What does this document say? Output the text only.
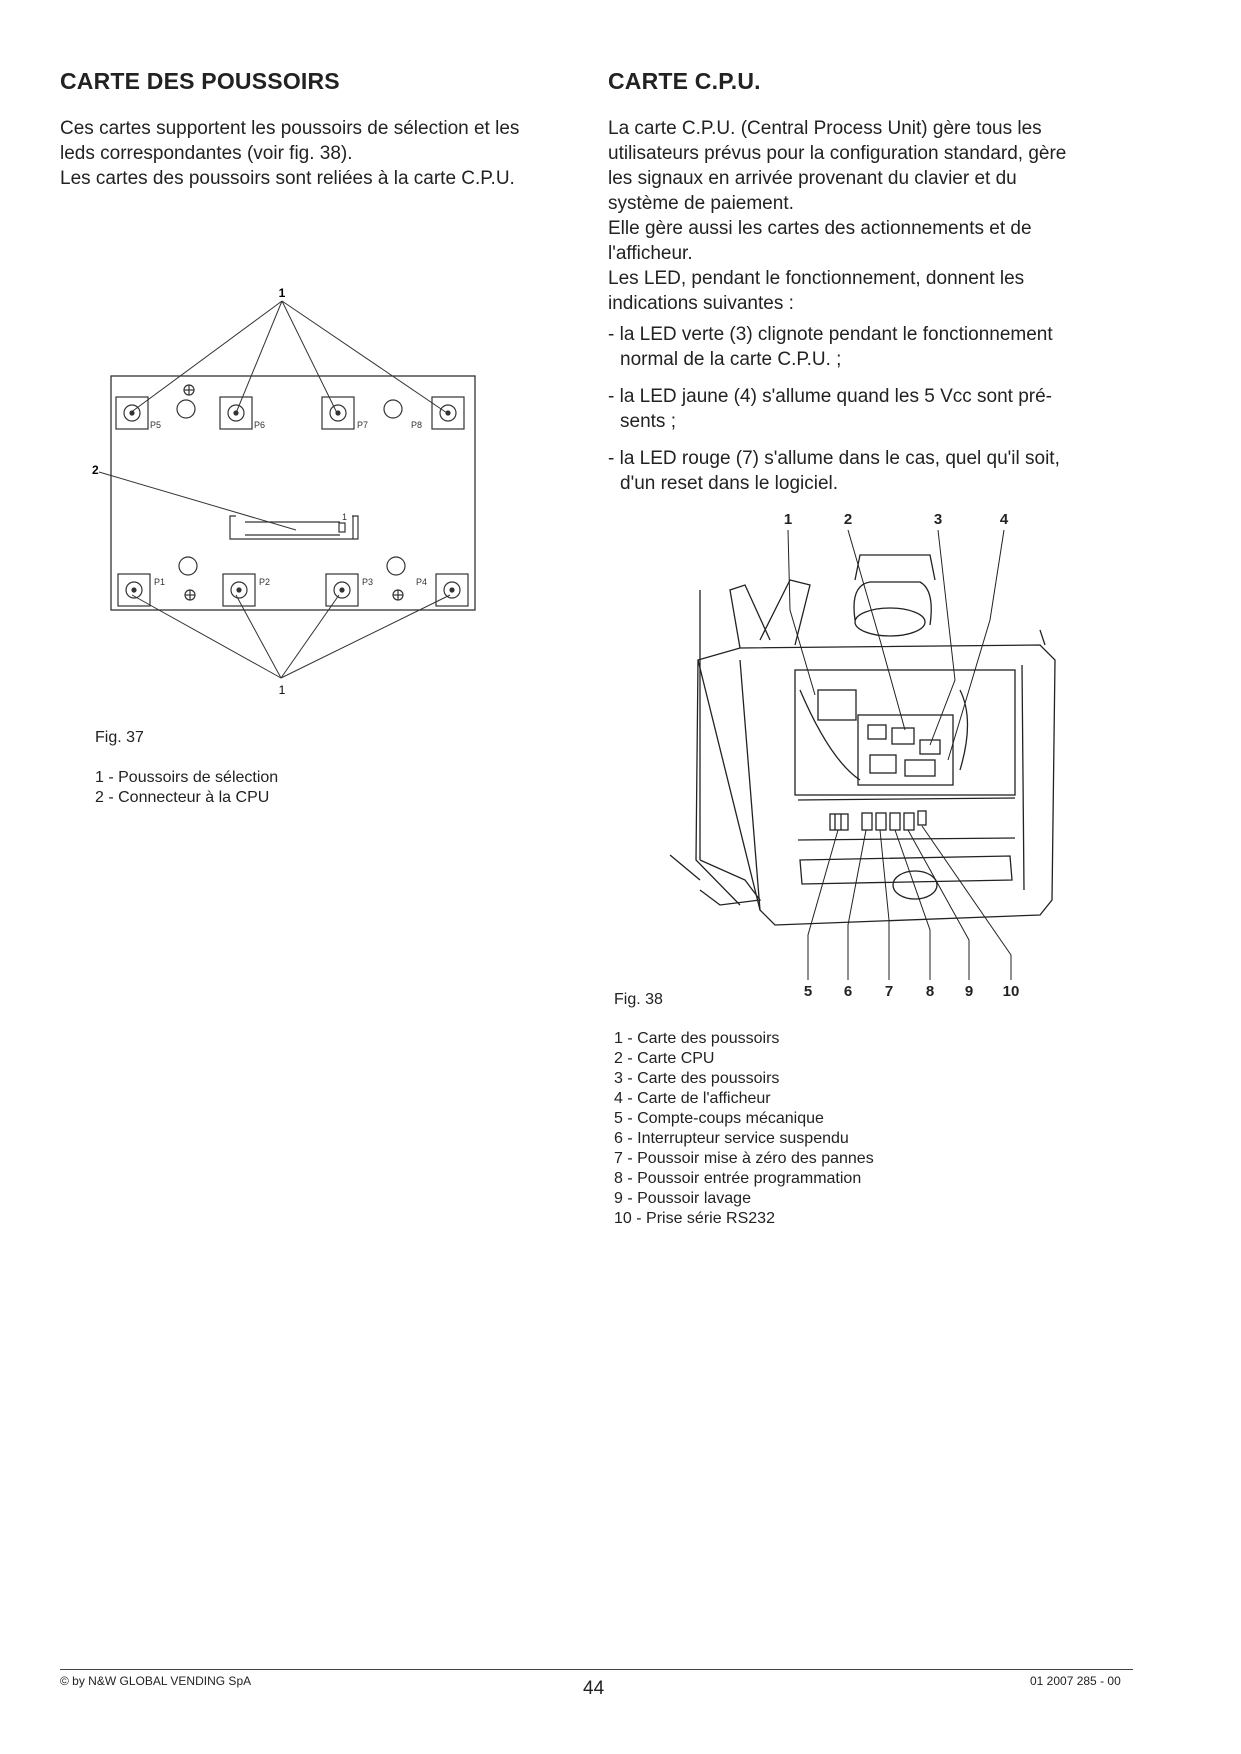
CARTE DES POUSSOIRS

Ces cartes supportent les poussoirs de sélection et les

leds correspondantes (voir fig. 38).

Les cartes des poussoirs sont reliées à la carte C.P.U.

1
2
1
P5	P6	P7	P8
1
P1	P2	P3	P4
Fig. 37
1 - Poussoirs de sélection
2 - Connecteur à la CPU
CARTE C.P.U.

La carte C.P.U. (Central Process Unit) gère tous les

utilisateurs prévus pour la configuration standard, gère

les signaux en arrivée provenant du clavier et du

système de paiement.

Elle gère aussi les cartes des actionnements et de

l'afficheur.

Les LED, pendant le fonctionnement, donnent les

indications suivantes :

- la LED verte (3) clignote pendant le fonctionnement
normal de la carte C.P.U. ;

- la LED jaune (4) s'allume quand les 5 Vcc sont pré-
sents ;

- la LED rouge (7) s'allume dans le cas, quel qu'il soit,
d'un reset dans le logiciel.

1	2	3	4
5 6 7 8 9 10
Fig. 38
1 - Carte des poussoirs
2 - Carte CPU
3 - Carte des poussoirs
4 - Carte de l'afficheur
5 - Compte-coups mécanique
6 - Interrupteur service suspendu
7 - Poussoir mise à zéro des pannes
8 - Poussoir entrée programmation
9 - Poussoir lavage
10 - Prise série RS232
© by N&W GLOBAL VENDING SpA	44	01 2007 285 - 00
